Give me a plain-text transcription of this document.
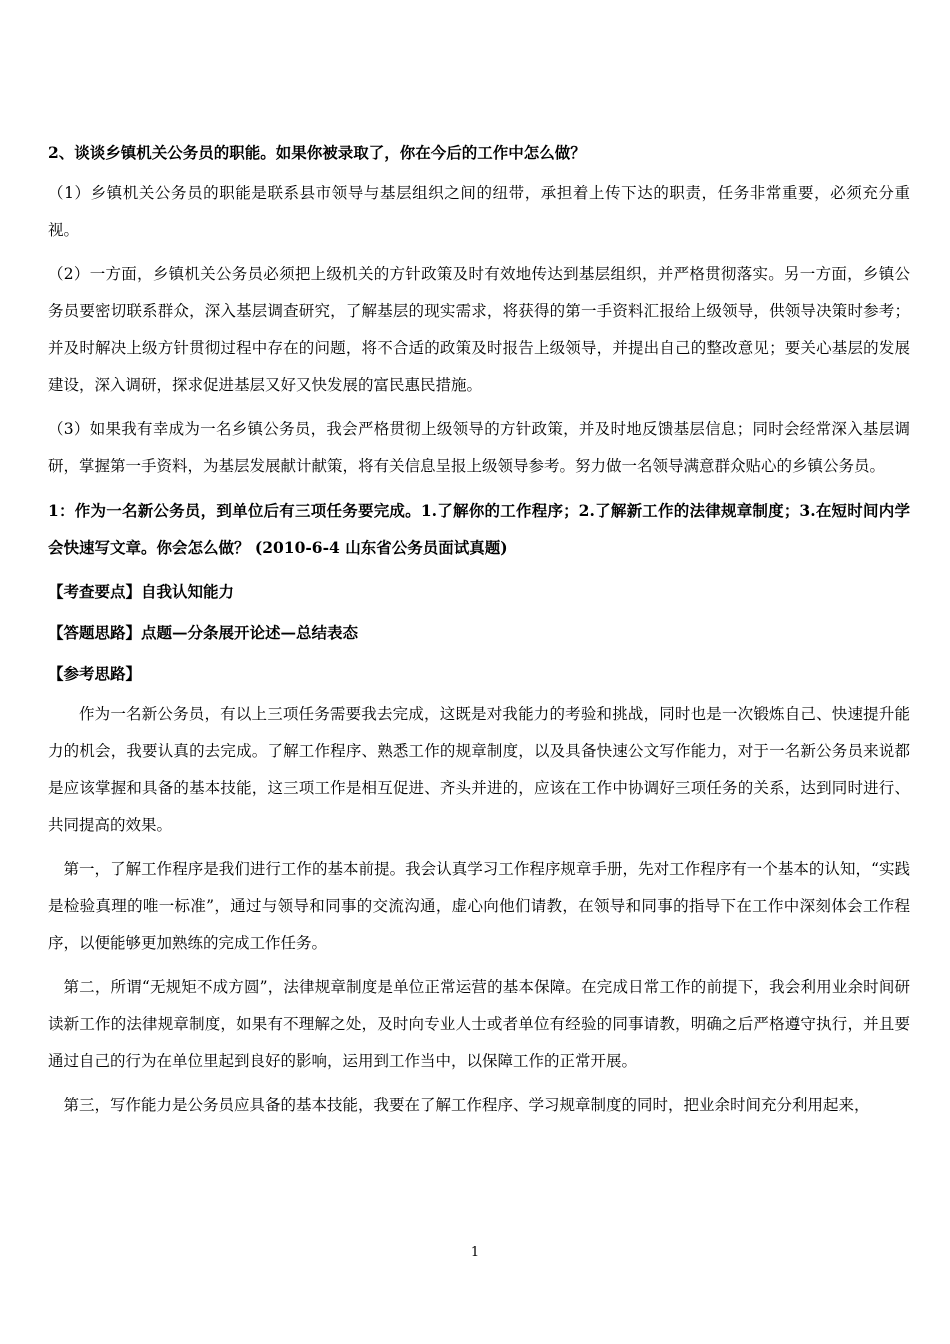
2、谈谈乡镇机关公务员的职能。如果你被录取了，你在今后的工作中怎么做？

（1）乡镇机关公务员的职能是联系县市领导与基层组织之间的纽带，承担着上传下达的职责，任务非常重要，必须充分重视。

（2）一方面，乡镇机关公务员必须把上级机关的方针政策及时有效地传达到基层组织，并严格贯彻落实。另一方面，乡镇公务员要密切联系群众，深入基层调查研究，了解基层的现实需求，将获得的第一手资料汇报给上级领导，供领导决策时参考；并及时解决上级方针贯彻过程中存在的问题，将不合适的政策及时报告上级领导，并提出自己的整改意见；要关心基层的发展建设，深入调研，探求促进基层又好又快发展的富民惠民措施。

（3）如果我有幸成为一名乡镇公务员，我会严格贯彻上级领导的方针政策，并及时地反馈基层信息；同时会经常深入基层调研，掌握第一手资料，为基层发展献计献策，将有关信息呈报上级领导参考。努力做一名领导满意群众贴心的乡镇公务员。

1：作为一名新公务员，到单位后有三项任务要完成。1.了解你的工作程序；2.了解新工作的法律规章制度；3.在短时间内学会快速写文章。你会怎么做？ (2010-6-4 山东省公务员面试真题)

【考查要点】自我认知能力

【答题思路】点题—分条展开论述—总结表态

【参考思路】

作为一名新公务员，有以上三项任务需要我去完成，这既是对我能力的考验和挑战，同时也是一次锻炼自己、快速提升能力的机会，我要认真的去完成。了解工作程序、熟悉工作的规章制度，以及具备快速公文写作能力，对于一名新公务员来说都是应该掌握和具备的基本技能，这三项工作是相互促进、齐头并进的，应该在工作中协调好三项任务的关系，达到同时进行、共同提高的效果。

第一，了解工作程序是我们进行工作的基本前提。我会认真学习工作程序规章手册，先对工作程序有一个基本的认知，“实践是检验真理的唯一标准”，通过与领导和同事的交流沟通，虚心向他们请教，在领导和同事的指导下在工作中深刻体会工作程序，以便能够更加熟练的完成工作任务。

第二，所谓“无规矩不成方圆”，法律规章制度是单位正常运营的基本保障。在完成日常工作的前提下，我会利用业余时间研读新工作的法律规章制度，如果有不理解之处，及时向专业人士或者单位有经验的同事请教，明确之后严格遵守执行，并且要通过自己的行为在单位里起到良好的影响，运用到工作当中，以保障工作的正常开展。

第三，写作能力是公务员应具备的基本技能，我要在了解工作程序、学习规章制度的同时，把业余时间充分利用起来，

1
